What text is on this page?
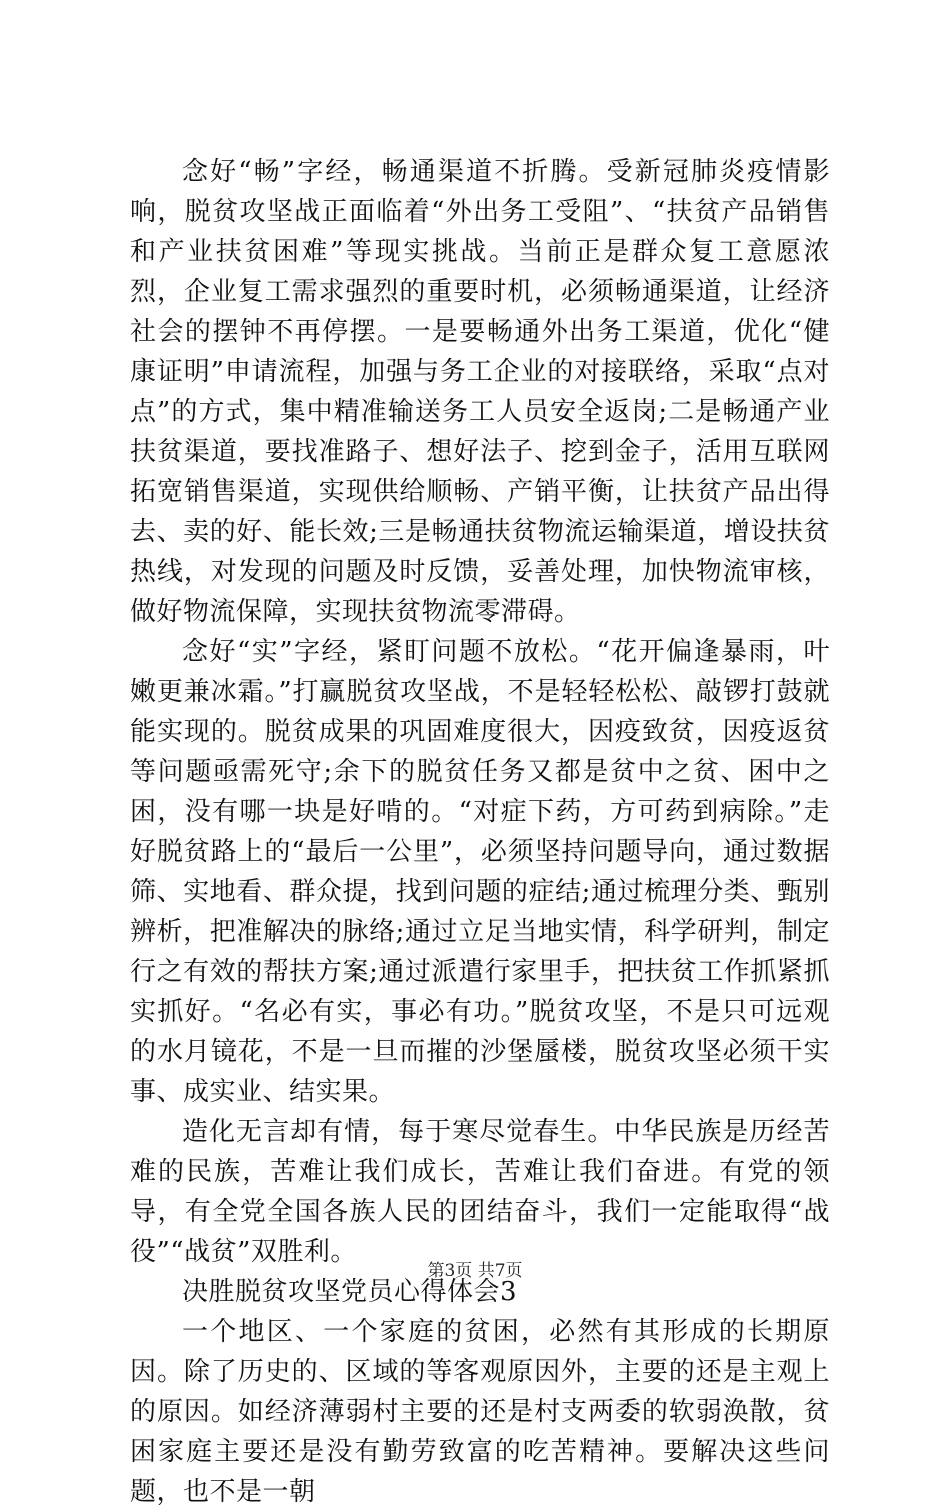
念好“畅”字经，畅通渠道不折腾。受新冠肺炎疫情影响，脱贫攻坚战正面临着“外出务工受阻”、“扶贫产品销售和产业扶贫困难”等现实挑战。当前正是群众复工意愿浓烈，企业复工需求强烈的重要时机，必须畅通渠道，让经济社会的摆钟不再停摆。一是要畅通外出务工渠道，优化“健康证明”申请流程，加强与务工企业的对接联络，采取“点对点”的方式，集中精准输送务工人员安全返岗;二是畅通产业扶贫渠道，要找准路子、想好法子、挖到金子，活用互联网拓宽销售渠道，实现供给顺畅、产销平衡，让扶贫产品出得去、卖的好、能长效;三是畅通扶贫物流运输渠道，增设扶贫热线，对发现的问题及时反馈，妥善处理，加快物流审核，做好物流保障，实现扶贫物流零滞碍。

念好“实”字经，紧盯问题不放松。“花开偏逢暴雨，叶嫩更兼冰霜。”打赢脱贫攻坚战，不是轻轻松松、敲锣打鼓就能实现的。脱贫成果的巩固难度很大，因疫致贫，因疫返贫等问题亟需死守;余下的脱贫任务又都是贫中之贫、困中之困，没有哪一块是好啃的。“对症下药，方可药到病除。”走好脱贫路上的“最后一公里”，必须坚持问题导向，通过数据筛、实地看、群众提，找到问题的症结;通过梳理分类、甄别辨析，把准解决的脉络;通过立足当地实情，科学研判，制定行之有效的帮扶方案;通过派遣行家里手，把扶贫工作抓紧抓实抓好。“名必有实，事必有功。”脱贫攻坚，不是只可远观的水月镜花，不是一旦而摧的沙堡蜃楼，脱贫攻坚必须干实事、成实业、结实果。

造化无言却有情，每于寒尽觉春生。中华民族是历经苦难的民族，苦难让我们成长，苦难让我们奋进。有党的领导，有全党全国各族人民的团结奋斗，我们一定能取得“战役”“战贫”双胜利。

决胜脱贫攻坚党员心得体会3

一个地区、一个家庭的贫困，必然有其形成的长期原因。除了历史的、区域的等客观原因外，主要的还是主观上的原因。如经济薄弱村主要的还是村支两委的软弱涣散，贫困家庭主要还是没有勤劳致富的吃苦精神。要解决这些问题，也不是一朝

第3页 共7页
